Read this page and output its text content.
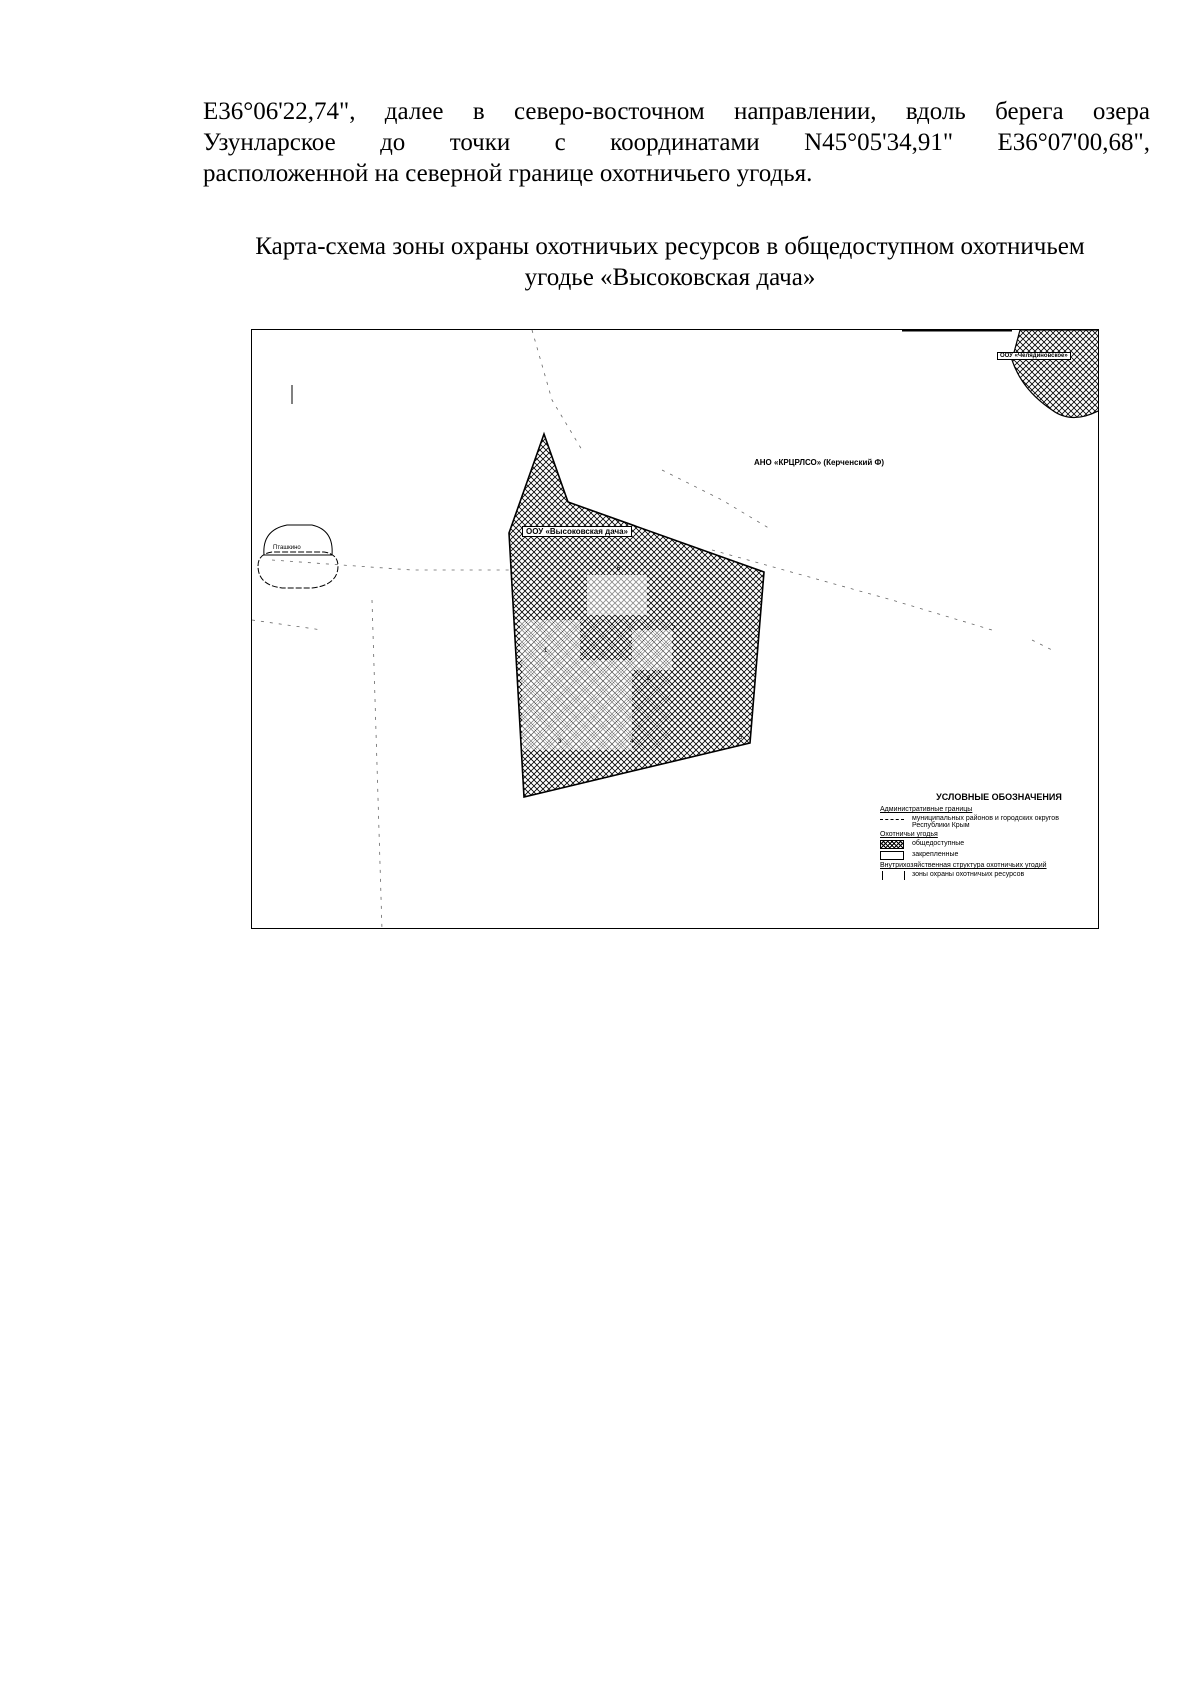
E36°06'22,74", далее в северо-восточном направлении, вдоль берега озера
Узунларское до точки с координатами N45°05'34,91" E36°07'00,68",
расположенной на северной границе охотничьего угодья.

Карта-схема зоны охраны охотничьих ресурсов в общедоступном охотничьем
угодье «Высоковская дача»

1
2
3	4
5
6
7
Пташкино
ООУ «Высоковская дача»
АНО «КРЦРЛСО» (Керченский Ф)
ООУ «Челядиновское»
УСЛОВНЫЕ ОБОЗНАЧЕНИЯ
Административные границы
муниципальных районов и городских округов Республики Крым
Охотничьи угодья
общедоступные
закрепленные
Внутрихозяйственная структура охотничьих угодий
зоны охраны охотничьих ресурсов
